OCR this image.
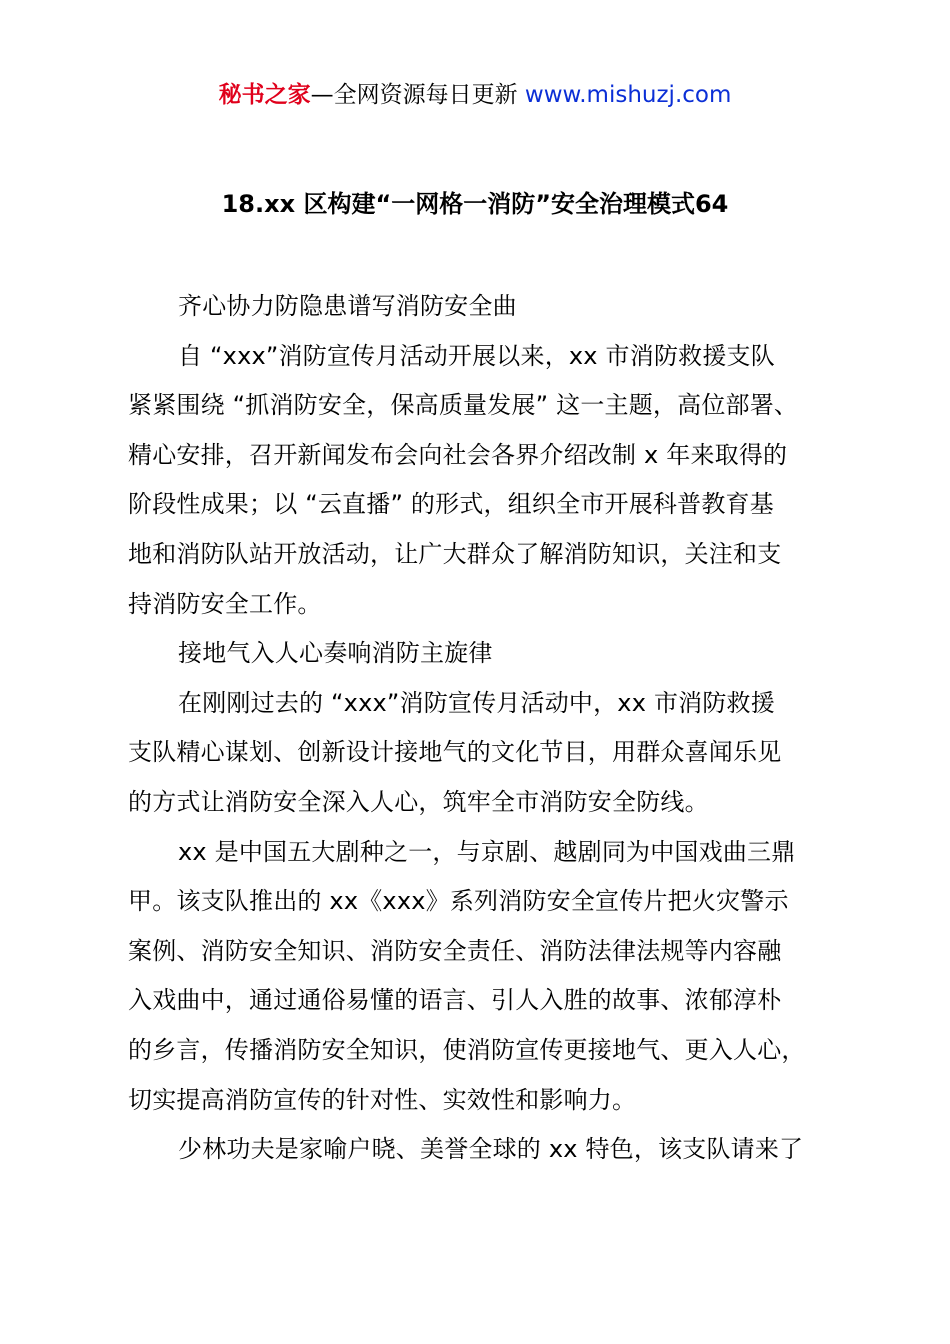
秘书之家—全网资源每日更新 www.mishuzj.com
18.xx 区构建“一网格一消防”安全治理模式64

齐心协力防隐患谱写消防安全曲

自 “xxx”消防宣传月活动开展以来，xx 市消防救援支队
紧紧围绕 “抓消防安全，保高质量发展” 这一主题，高位部署、
精心安排，召开新闻发布会向社会各界介绍改制 x 年来取得的
阶段性成果；以 “云直播” 的形式，组织全市开展科普教育基
地和消防队站开放活动，让广大群众了解消防知识，关注和支
持消防安全工作。

接地气入人心奏响消防主旋律

在刚刚过去的 “xxx”消防宣传月活动中，xx 市消防救援
支队精心谋划、创新设计接地气的文化节目，用群众喜闻乐见
的方式让消防安全深入人心，筑牢全市消防安全防线。

xx 是中国五大剧种之一，与京剧、越剧同为中国戏曲三鼎
甲。该支队推出的 xx《xxx》系列消防安全宣传片把火灾警示
案例、消防安全知识、消防安全责任、消防法律法规等内容融
入戏曲中，通过通俗易懂的语言、引人入胜的故事、浓郁淳朴
的乡言，传播消防安全知识，使消防宣传更接地气、更入人心，
切实提高消防宣传的针对性、实效性和影响力。

少林功夫是家喻户晓、美誉全球的 xx 特色，该支队请来了
